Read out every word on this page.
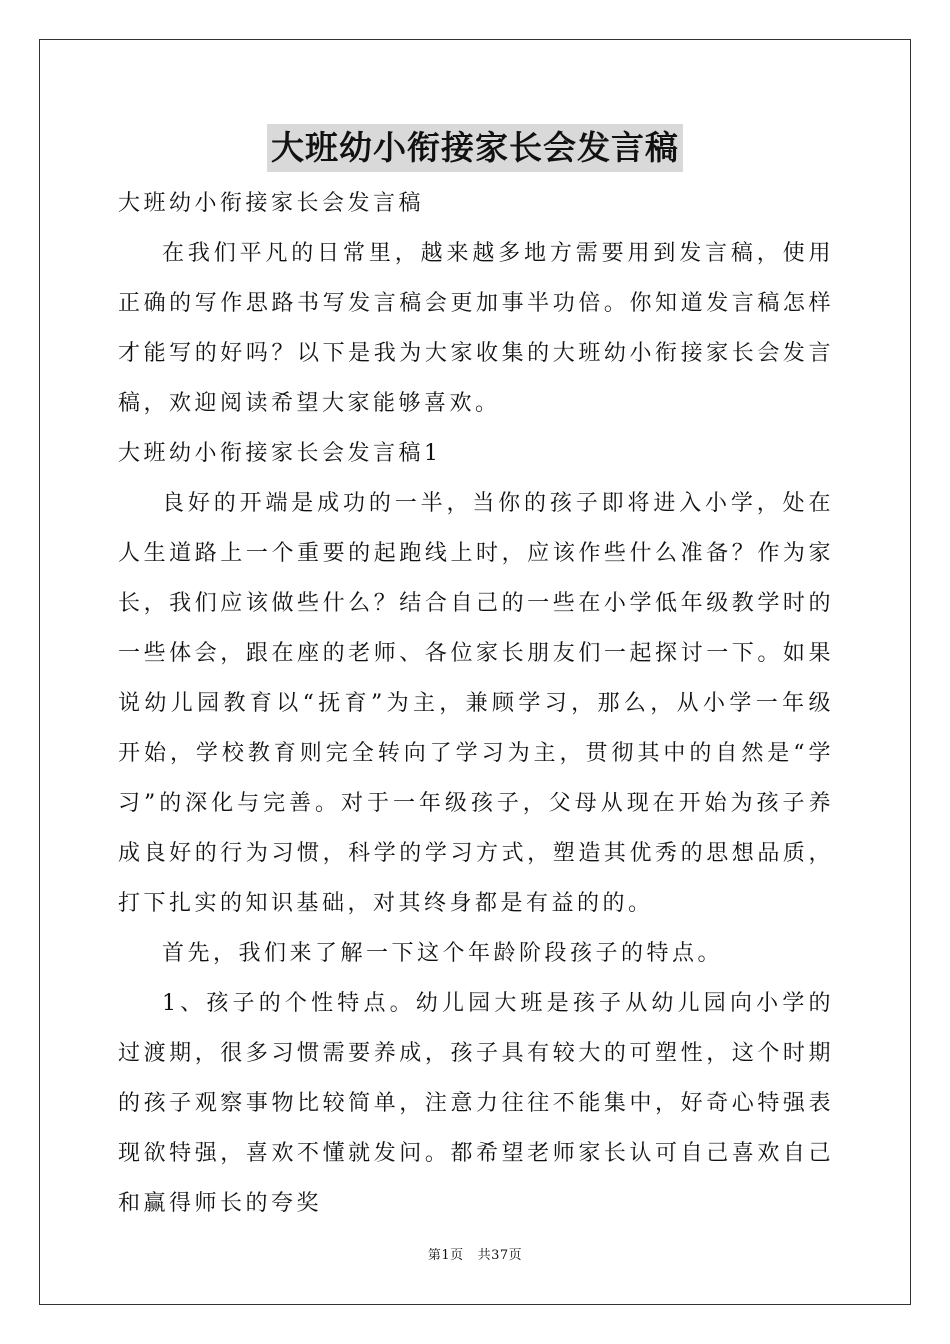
大班幼小衔接家长会发言稿

大班幼小衔接家长会发言稿

在我们平凡的日常里，越来越多地方需要用到发言稿，使用正确的写作思路书写发言稿会更加事半功倍。你知道发言稿怎样才能写的好吗？以下是我为大家收集的大班幼小衔接家长会发言稿，欢迎阅读希望大家能够喜欢。

大班幼小衔接家长会发言稿1

良好的开端是成功的一半，当你的孩子即将进入小学，处在人生道路上一个重要的起跑线上时，应该作些什么准备？作为家长，我们应该做些什么？结合自己的一些在小学低年级教学时的一些体会，跟在座的老师、各位家长朋友们一起探讨一下。如果说幼儿园教育以“抚育”为主，兼顾学习，那么，从小学一年级开始，学校教育则完全转向了学习为主，贯彻其中的自然是“学习”的深化与完善。对于一年级孩子，父母从现在开始为孩子养成良好的行为习惯，科学的学习方式，塑造其优秀的思想品质，打下扎实的知识基础，对其终身都是有益的的。

首先，我们来了解一下这个年龄阶段孩子的特点。

1、孩子的个性特点。幼儿园大班是孩子从幼儿园向小学的过渡期，很多习惯需要养成，孩子具有较大的可塑性，这个时期的孩子观察事物比较简单，注意力往往不能集中，好奇心特强表现欲特强，喜欢不懂就发问。都希望老师家长认可自己喜欢自己和赢得师长的夸奖

第1页 共37页
